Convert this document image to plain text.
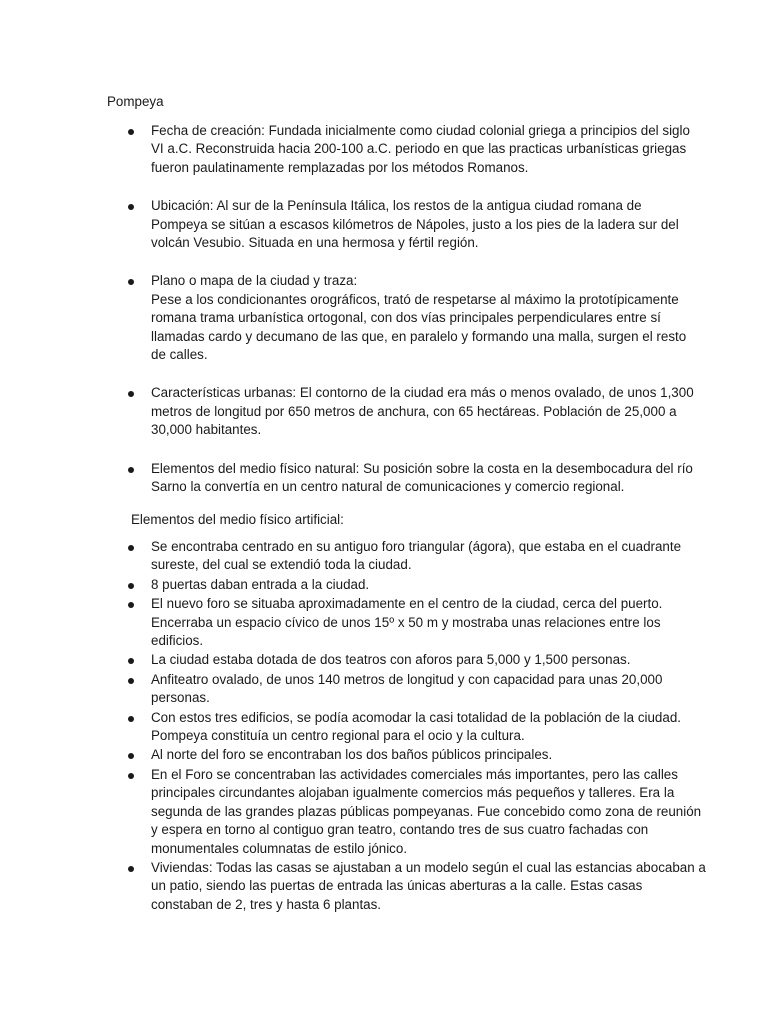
Pompeya
Fecha de creación: Fundada inicialmente como ciudad colonial griega a principios del siglo
VI a.C. Reconstruida hacia 200-100 a.C. periodo en que las practicas urbanísticas griegas
fueron paulatinamente remplazadas por los métodos Romanos.
Ubicación: Al sur de la Península Itálica, los restos de la antigua ciudad romana de
Pompeya se sitúan a escasos kilómetros de Nápoles, justo a los pies de la ladera sur del
volcán Vesubio. Situada en una hermosa y fértil región.
Plano o mapa de la ciudad y traza:
Pese a los condicionantes orográficos, trató de respetarse al máximo la prototípicamente
romana trama urbanística ortogonal, con dos vías principales perpendiculares entre sí
llamadas cardo y decumano de las que, en paralelo y formando una malla, surgen el resto
de calles.
Características urbanas: El contorno de la ciudad era más o menos ovalado, de unos 1,300
metros de longitud por 650 metros de anchura, con 65 hectáreas. Población de 25,000 a
30,000 habitantes.
Elementos del medio físico natural: Su posición sobre la costa en la desembocadura del río
Sarno la convertía en un centro natural de comunicaciones y comercio regional.

Elementos del medio físico artificial:

Se encontraba centrado en su antiguo foro triangular (ágora), que estaba en el cuadrante
sureste, del cual se extendió toda la ciudad.
8 puertas daban entrada a la ciudad.
El nuevo foro se situaba aproximadamente en el centro de la ciudad, cerca del puerto.
Encerraba un espacio cívico de unos 15º x 50 m y mostraba unas relaciones entre los
edificios.
La ciudad estaba dotada de dos teatros con aforos para 5,000 y 1,500 personas.
Anfiteatro ovalado, de unos 140 metros de longitud y con capacidad para unas 20,000
personas.
Con estos tres edificios, se podía acomodar la casi totalidad de la población de la ciudad.
Pompeya constituía un centro regional para el ocio y la cultura.
Al norte del foro se encontraban los dos baños públicos principales.
En el Foro se concentraban las actividades comerciales más importantes, pero las calles
principales circundantes alojaban igualmente comercios más pequeños y talleres. Era la
segunda de las grandes plazas públicas pompeyanas. Fue concebido como zona de reunión
y espera en torno al contiguo gran teatro, contando tres de sus cuatro fachadas con
monumentales columnatas de estilo jónico.
Viviendas: Todas las casas se ajustaban a un modelo según el cual las estancias abocaban a
un patio, siendo las puertas de entrada las únicas aberturas a la calle. Estas casas
constaban de 2, tres y hasta 6 plantas.
